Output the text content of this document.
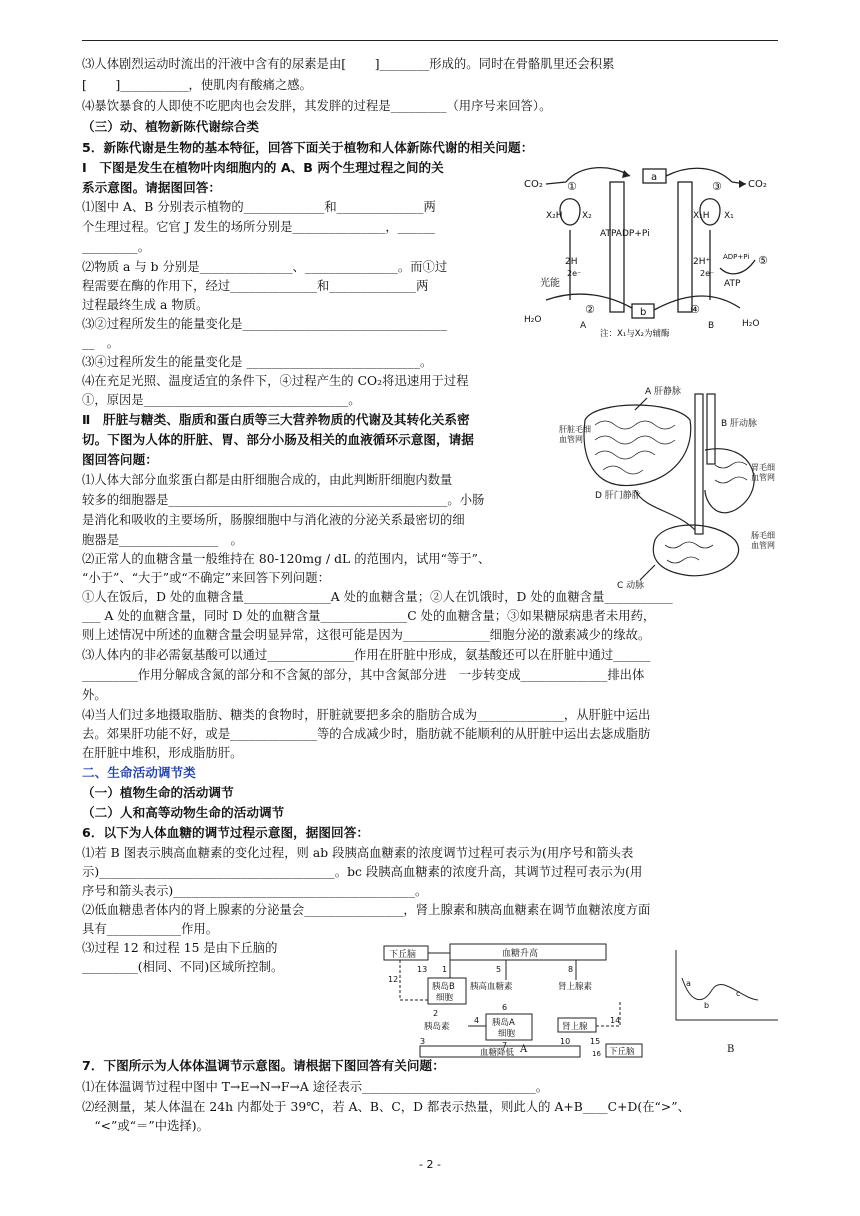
⑶人体剧烈运动时流出的汗液中含有的尿素是由[　　 ]________形成的。同时在骨骼肌里还会积累
[　　 ]___________，使肌肉有酸痛之感。
⑷暴饮暴食的人即使不吃肥肉也会发胖，其发胖的过程是_________（用序号来回答）。
（三）动、植物新陈代谢综合类
5．新陈代谢是生物的基本特征，回答下面关于植物和人体新陈代谢的相关问题：
Ⅰ　下图是发生在植物叶肉细胞内的 A、B 两个生理过程之间的关
系示意图。请据图回答：
⑴图中 A、B 分别表示植物的_____________和______________两
个生理过程。它官 J 发生的场所分别是_______________，______
_________。
⑵物质 a 与 b 分别是_______________、_______________。而①过
程需要在酶的作用下，经过______________和______________两
过程最终生成 a 物质。
⑶②过程所发生的能量变化是_________________________________
__　。
⑶④过程所发生的能量变化是 ____________________________。
⑷在充足光照、温度适宜的条件下，④过程产生的 CO₂将迅速用于过程
①，原因是_________________________________。
Ⅱ　肝脏与糖类、脂质和蛋白质等三大营养物质的代谢及其转化关系密
切。下图为人体的肝脏、胃、部分小肠及相关的血液循环示意图，请据
图回答问题：
⑴人体大部分血浆蛋白都是由肝细胞合成的，由此判断肝细胞内数量
较多的细胞器是_____________________________________________。小肠
是消化和吸收的主要场所，肠腺细胞中与消化液的分泌关系最密切的细
胞器是________________　。
⑵正常人的血糖含量一般维持在 80-120mg / dL 的范围内，试用“等于”、
“小于”、“大于”或“不确定”来回答下列问题：
①人在饭后，D 处的血糖含量______________A 处的血糖含量；②人在饥饿时，D 处的血糖含量___________
___ A 处的血糖含量，同时 D 处的血糖含量______________C 处的血糖含量；③如果糖尿病患者未用药，
则上述情况中所述的血糖含量会明显异常，这很可能是因为______________细胞分泌的激素减少的缘故。
⑶人体内的非必需氨基酸可以通过______________作用在肝脏中形成，氨基酸还可以在肝脏中通过______
_________作用分解成含氮的部分和不含氮的部分，其中含氮部分进　一步转变成______________排出体
外。
⑷当人们过多地摄取脂肪、糖类的食物时，肝脏就要把多余的脂肪合成为______________，从肝脏中运出
去。郊果肝功能不好，或是______________等的合成减少时，脂肪就不能顺利的从肝脏中运出去毖成脂肪
在肝脏中堆积，形成脂肪肝。
二、生命活动调节类
（一）植物生命的活动调节
（二）人和高等动物生命的活动调节
6．以下为人体血糖的调节过程示意图，据图回答：
⑴若 B 图表示胰高血糖素的变化过程，则 ab 段胰高血糖素的浓度调节过程可表示为(用序号和箭头表
示)______________________________________。bc 段胰高血糖素的浓度升高，其调节过程可表示为(用
序号和箭头表示)_______________________________________。
⑵低血糖患者体内的肾上腺素的分泌量会________________，肾上腺素和胰高血糖素在调节血糖浓度方面
具有____________作用。
⑶过程 12 和过程 15 是由下丘脑的
_________(相同、不同)区域所控制。
7．下图所示为人体体温调节示意图。请根据下图回答有关问题：
⑴在体温调节过程中图中 T→E→N→F→A 途径表示____________________________。
⑵经测量，某人体温在 24h 内都处于 39℃，若 A、B、C，D 都表示热量，则此人的 A+B____C+D(在“>”、
　“<”或“＝”中选择)。
CO₂ ①
a
③	CO₂
X₂H X₂
ATPADP+Pi
X₁H X₁
2H
2e⁻
光能
2H⁺
2e⁻
ADP+Pi ⑤
ATP
②	b	④
H₂O	H₂O
A	B
注：X₁与X₂为辅酶
A 肝静脉
B 肝动脉
肝脏毛细
血管网
胃毛细
血管网
D 肝门静脉
肠毛细
血管网
C 动脉
下丘脑	血糖升高
12
13 1
胰岛B
细胞
胰高血糖素	肾上腺素
8
5
2
胰岛素
4 胰岛A
细胞
6
肾上腺
14
7	10 15
3
血糖降低	下丘脑
16
a
b
c
A	B
- 2 -
